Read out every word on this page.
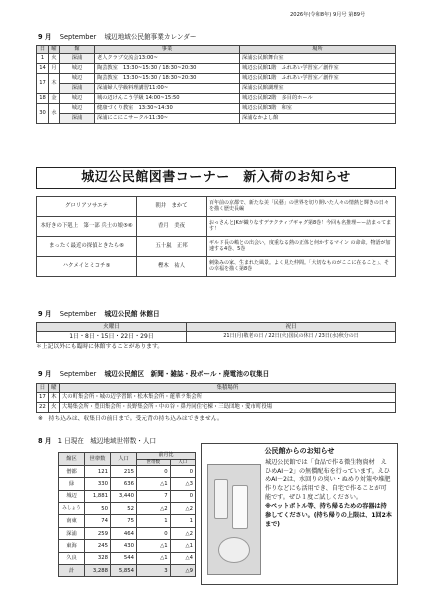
2026年(令和8年) 9月号 第89号
9 月 September 城辺地域公民館事業カレンダー
日	曜	館	事業	場所
1	火	深浦	老人クラブ交流会13:00~	深浦公民館舞台室
14	月	城辺	陶芸教室　13:30~15:30 / 18:30~20:30	城辺公民館1階　ふれあい学習室／創作室
17	木	城辺	陶芸教室　13:30~15:30 / 18:30~20:30	城辺公民館1階　ふれあい学習室／創作室
		深浦	深浦婦人学級料理講習11:00~	深浦公民館調理室
18	金	城辺	城の辺けんこう学級 14:00~15:50	城辺公民館2階　多目的ホール
30	水	城辺	健康づくり教室　13:30~14:30	城辺公民館3階　和室
		深浦	深浦にこにこサークル11:30~	深浦なかよし館
城辺公民館図書コーナー　新入荷のお知らせ
グロリアソサエテ	朝井　まかて	百年前の京都で、新たな美「民藝」の世界を切り開いた人々の情熱と輝きの日々を描く歴史長編
本好きの下剋上　第一部 兵士の娘⑤⑥	香月　美夜	おっさんとJKが織りなすデテクティブギャグ第8巻！今回も名推理ーー詰まってます！
まったく最近の探偵ときたら⑥	五十嵐　正邦	ギルド長の嶋との出会い，度重なる熱の正体と何かするマイン の命命。物語が加速する4巻、5巻
ハクメイとミコチ⑤	樫木　祐人	刺染みの家、生まれた風景。よく見た仲間。「大切なものがここに在ること」、その幸福を描く第8巻
9 月 September 城辺公民館 休館日
火曜日	祝日
1日・8日・15日・22日・29日	21日(月)敬老の日 / 22日(火)国民の休日 / 23日(水)秋分の日
＊上記以外にも臨時に休館することがあります。
9 月 September 城辺公民館区　新聞・雑誌・段ボール・廃電池の収集日
日	曜	集積場所
17	木	大の町集会所・城の辺学習館・松木集会所・蓮華ラ集会所
22	火	大場集会所・豊田集会所・長野集会所・中の谷・鼻丹同住宅棟・三島団地・愛市町役場
※　持ち込みは、収集日の前日まで。受元背の持ち込みはできません。
8 月 1 日現在 城辺地域世帯数・人口
館区	世帯数	人口	前月比	
			世帯数	人口
僧都	121	215	0	0
緑	330	636	△1	△3
城辺	1,881	3,440	7	0
みしょう	50	52	△2	△2
南東	74	75	1	1
深浦	259	464	0	△2
東海	245	430	△1	△1
久良	328	544	△1	△4
計	3,288	5,854	3	△9
公民館からのお知らせ
城辺公民館では「食品で作る微生物資材　えひめAI－2」の無償配布を行っています。えひめAI－2は、水回りの臭い・ぬめり対策や堆肥作りなどにも活用でき、自宅で作ることが可能です。ぜひ１度ご試しください。
※ペットボトル等、持ち帰るための容器は持参してください。(持ち帰りの上限は、1回2本まで)
